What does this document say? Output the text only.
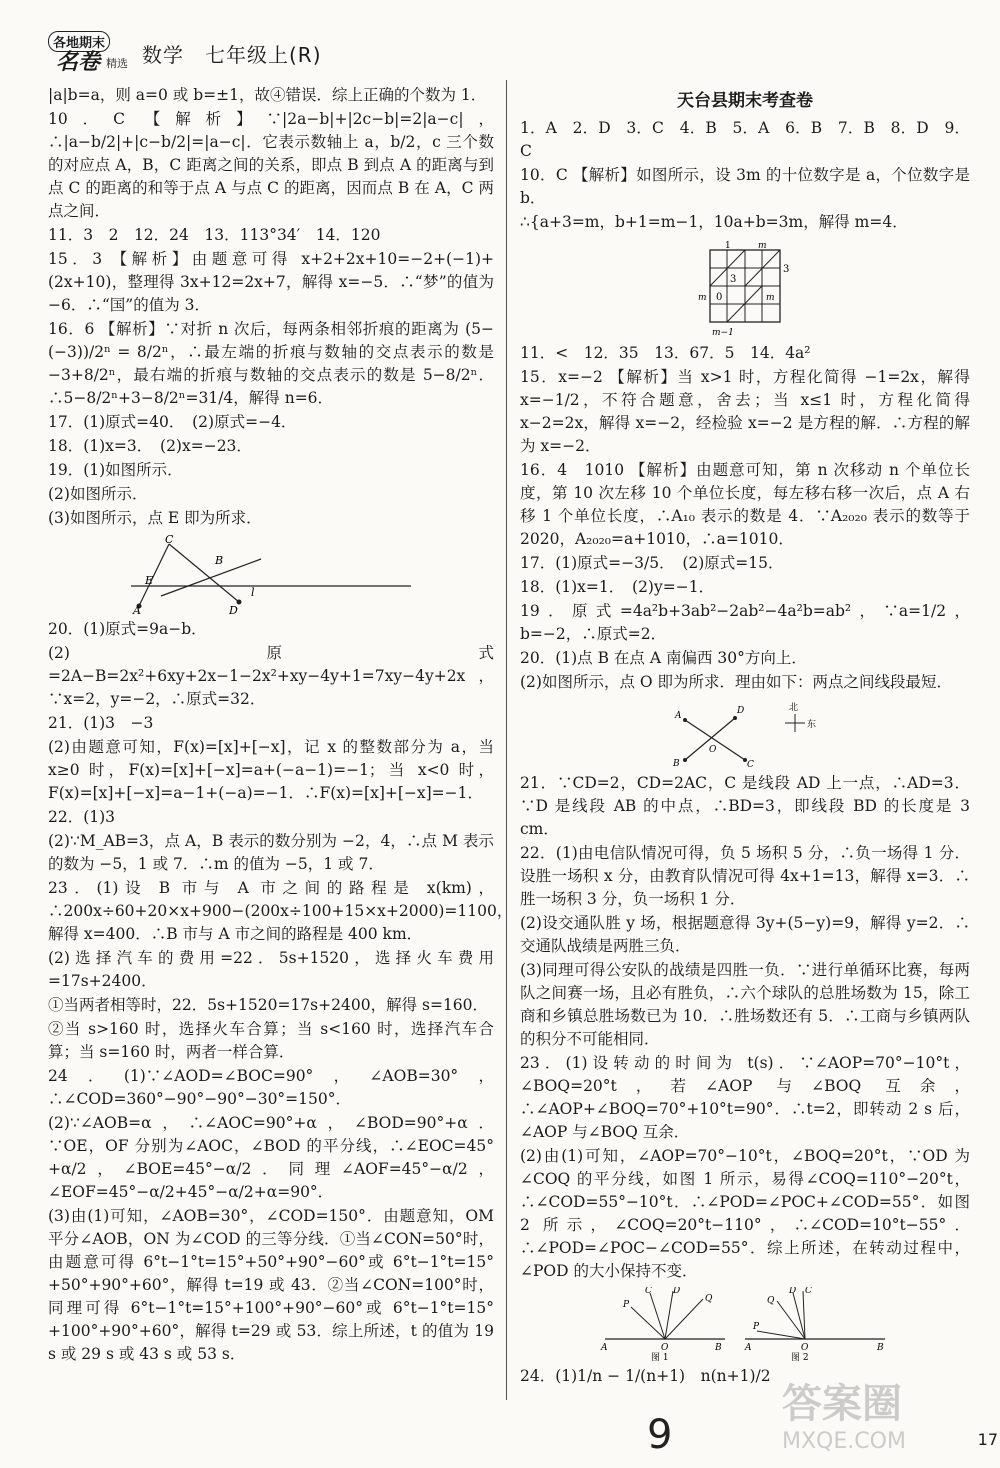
各地期末
名卷 精选 数学　七年级上(R)

|a|b=a，则 a=0 或 b=±1，故④错误．综上正确的个数为 1．

10．C 【解析】∵|2a−b|+|2c−b|=2|a−c|，∴|a−b/2|+|c−b/2|=|a−c|．它表示数轴上 a，b/2，c 三个数的对应点 A，B，C 距离之间的关系，即点 B 到点 A 的距离与到点 C 的距离的和等于点 A 与点 C 的距离，因而点 B 在 A，C 两点之间．

11．3　2　12．24　13．113°34′　14．120

15．3 【解析】由题意可得 x+2+2x+10=−2+(−1)+(2x+10)，整理得 3x+12=2x+7，解得 x=−5．∴“梦”的值为−6．∴“国”的值为 3．

16．6 【解析】∵对折 n 次后，每两条相邻折痕的距离为 (5−(−3))/2ⁿ = 8/2ⁿ，∴最左端的折痕与数轴的交点表示的数是 −3+8/2ⁿ，最右端的折痕与数轴的交点表示的数是 5−8/2ⁿ．∴5−8/2ⁿ+3−8/2ⁿ=31/4，解得 n=6．

17．(1)原式=40．　(2)原式=−4．

18．(1)x=3．　(2)x=−23．

19．(1)如图所示．

(2)如图所示．

(3)如图所示，点 E 即为所求．

C
B
E
A	D
l

20．(1)原式=9a−b．

(2)原式=2A−B=2x²+6xy+2x−1−2x²+xy−4y+1=7xy−4y+2x，∵x=2，y=−2，∴原式=32．

21．(1)3　−3

(2)由题意可知，F(x)=[x]+[−x]，记 x 的整数部分为 a，当 x≥0 时，F(x)=[x]+[−x]=a+(−a−1)=−1；当 x<0 时，F(x)=[x]+[−x]=a−1+(−a)=−1．∴F(x)=[x]+[−x]=−1．

22．(1)3

(2)∵M_AB=3，点 A，B 表示的数分别为 −2，4，∴点 M 表示的数为 −5，1 或 7．∴m 的值为 −5，1 或 7．

23．(1)设 B 市与 A 市之间的路程是 x(km)，∴200x÷60+20×x+900−(200x÷100+15×x+2000)=1100，解得 x=400．∴B 市与 A 市之间的路程是 400 km．

(2)选择汽车的费用=22．5s+1520，选择火车费用=17s+2400．

①当两者相等时，22．5s+1520=17s+2400，解得 s=160．

②当 s>160 时，选择火车合算；当 s<160 时，选择汽车合算；当 s=160 时，两者一样合算．

24．(1)∵∠AOD=∠BOC=90°，∠AOB=30°，∴∠COD=360°−90°−90°−30°=150°．

(2)∵∠AOB=α，∴∠AOC=90°+α，∠BOD=90°+α．∵OE，OF 分别为∠AOC，∠BOD 的平分线，∴∠EOC=45°+α/2，∠BOE=45°−α/2．同理∠AOF=45°−α/2，∠EOF=45°−α/2+45°−α/2+α=90°．

(3)由(1)可知，∠AOB=30°，∠COD=150°．由题意知，OM 平分∠AOB，ON 为∠COD 的三等分线．①当∠CON=50°时，由题意可得 6°t−1°t=15°+50°+90°−60°或 6°t−1°t=15°+50°+90°+60°，解得 t=19 或 43．②当∠CON=100°时，同理可得 6°t−1°t=15°+100°+90°−60°或 6°t−1°t=15°+100°+90°+60°，解得 t=29 或 53．综上所述，t 的值为 19 s 或 29 s 或 43 s 或 53 s．

天台县期末考查卷

1．A　2．D　3．C　4．B　5．A　6．B　7．B　8．D　9．C

10．C 【解析】如图所示，设 3m 的十位数字是 a，个位数字是 b．

∴{a+3=m，b+1=m−1，10a+b=3m，解得 m=4．

1	m
3
3
0
m	m
m−1

11．<　12．35　13．67．5　14．4a²

15．x=−2 【解析】当 x>1 时，方程化简得 −1=2x，解得 x=−1/2，不符合题意，舍去；当 x≤1 时，方程化简得 x−2=2x，解得 x=−2，经检验 x=−2 是方程的解．∴方程的解为 x=−2．

16．4　1010 【解析】由题意可知，第 n 次移动 n 个单位长度，第 10 次左移 10 个单位长度，每左移右移一次后，点 A 右移 1 个单位长度，∴A₁₀ 表示的数是 4．∵A₂₀₂₀ 表示的数等于 2020，A₂₀₂₀=a+1010，∴a=1010．

17．(1)原式=−3/5．　(2)原式=15．

18．(1)x=1．　(2)y=−1．

19．原式=4a²b+3ab²−2ab²−4a²b=ab²，∵a=1/2，b=−2，∴原式=2．

20．(1)点 B 在点 A 南偏西 30°方向上．

(2)如图所示，点 O 即为所求．理由如下：两点之间线段最短．

A	D
O
B	C
北
东

21．∵CD=2，CD=2AC，C 是线段 AD 上一点，∴AD=3．∵D 是线段 AB 的中点，∴BD=3，即线段 BD 的长度是 3 cm．

22．(1)由电信队情况可得，负 5 场积 5 分，∴负一场得 1 分．设胜一场积 x 分，由教育队情况可得 4x+1=13，解得 x=3．∴胜一场积 3 分，负一场积 1 分．

(2)设交通队胜 y 场，根据题意得 3y+(5−y)=9，解得 y=2．∴交通队战绩是两胜三负．

(3)同理可得公安队的战绩是四胜一负．∵进行单循环比赛，每两队之间赛一场，且必有胜负，∴六个球队的总胜场数为 15，除工商和乡镇总胜场数已为 10．∴胜场数还有 5．∴工商与乡镇两队的积分不可能相同．

23．(1)设转动的时间为 t(s)．∵∠AOP=70°−10°t，∠BOQ=20°t，若∠AOP 与∠BOQ 互余，∴∠AOP+∠BOQ=70°+10°t=90°．∴t=2，即转动 2 s 后，∠AOP 与∠BOQ 互余．

(2)由(1)可知，∠AOP=70°−10°t，∠BOQ=20°t，∵OD 为∠COQ 的平分线，如图 1 所示，易得∠COQ=110°−20°t，∴∠COD=55°−10°t．∴∠POD=∠POC+∠COD=55°．如图 2 所示，∠COQ=20°t−110°，∴∠COD=10°t−55°．∴∠POD=∠POC−∠COD=55°．综上所述，在转动过程中，∠POD 的大小保持不变．

C D
P
Q
A	O	B
图 1
D C
Q
P
A	O	B
图 2

24．(1)1/n − 1/(n+1)　n(n+1)/2

9	17
答案圈
MXQE.COM
